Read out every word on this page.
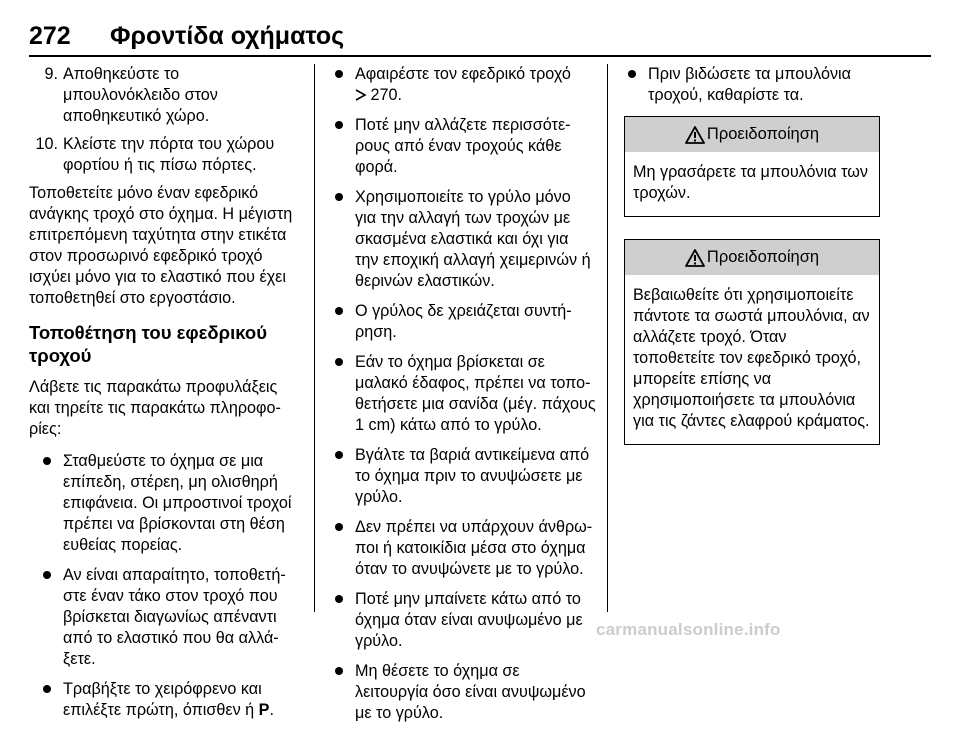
272 Φροντίδα οχήματος
9. Αποθηκεύστε το μπουλονόκλειδο στον αποθηκευτικό χώρο.
10. Κλείστε την πόρτα του χώρου φορτίου ή τις πίσω πόρτες.

Τοποθετείτε μόνο έναν εφεδρικό ανάγκης τροχό στο όχημα. Η μέγιστη επιτρεπόμενη ταχύτητα στην ετικέτα στον προσωρινό εφεδρικό τροχό ισχύει μόνο για το ελαστικό που έχει τοποθετηθεί στο εργοστάσιο.

Τοποθέτηση του εφεδρικού τροχού

Λάβετε τις παρακάτω προφυλάξεις και τηρείτε τις παρακάτω πληροφο-ρίες:

Σταθμεύστε το όχημα σε μια επίπεδη, στέρεη, μη ολισθηρή επιφάνεια. Οι μπροστινοί τροχοί πρέπει να βρίσκονται στη θέση ευθείας πορείας.
Αν είναι απαραίτητο, τοποθετή-στε έναν τάκο στον τροχό που βρίσκεται διαγωνίως απέναντι από το ελαστικό που θα αλλά-ξετε.
Τραβήξτε το χειρόφρενο και επιλέξτε πρώτη, όπισθεν ή P.
Αφαιρέστε τον εφεδρικό τροχό
270.
Ποτέ μην αλλάζετε περισσότε-ρους από έναν τροχούς κάθε φορά.
Χρησιμοποιείτε το γρύλο μόνο για την αλλαγή των τροχών με σκασμένα ελαστικά και όχι για την εποχική αλλαγή χειμερινών ή θερινών ελαστικών.
Ο γρύλος δε χρειάζεται συντή-ρηση.
Εάν το όχημα βρίσκεται σε μαλακό έδαφος, πρέπει να τοπο-θετήσετε μια σανίδα (μέγ. πάχους 1 cm) κάτω από το γρύλο.
Βγάλτε τα βαριά αντικείμενα από το όχημα πριν το ανυψώσετε με γρύλο.
Δεν πρέπει να υπάρχουν άνθρω-ποι ή κατοικίδια μέσα στο όχημα όταν το ανυψώνετε με το γρύλο.
Ποτέ μην μπαίνετε κάτω από το όχημα όταν είναι ανυψωμένο με γρύλο.
Μη θέσετε το όχημα σε λειτουργία όσο είναι ανυψωμένο με το γρύλο.
Πριν βιδώσετε τα μπουλόνια τροχού, καθαρίστε τα.
Προειδοποίηση
Μη γρασάρετε τα μπουλόνια των τροχών.
Προειδοποίηση
Βεβαιωθείτε ότι χρησιμοποιείτε πάντοτε τα σωστά μπουλόνια, αν αλλάζετε τροχό. Όταν τοποθετείτε τον εφεδρικό τροχό, μπορείτε επίσης να χρησιμοποιήσετε τα μπουλόνια για τις ζάντες ελαφρού κράματος.
carmanualsonline.info
